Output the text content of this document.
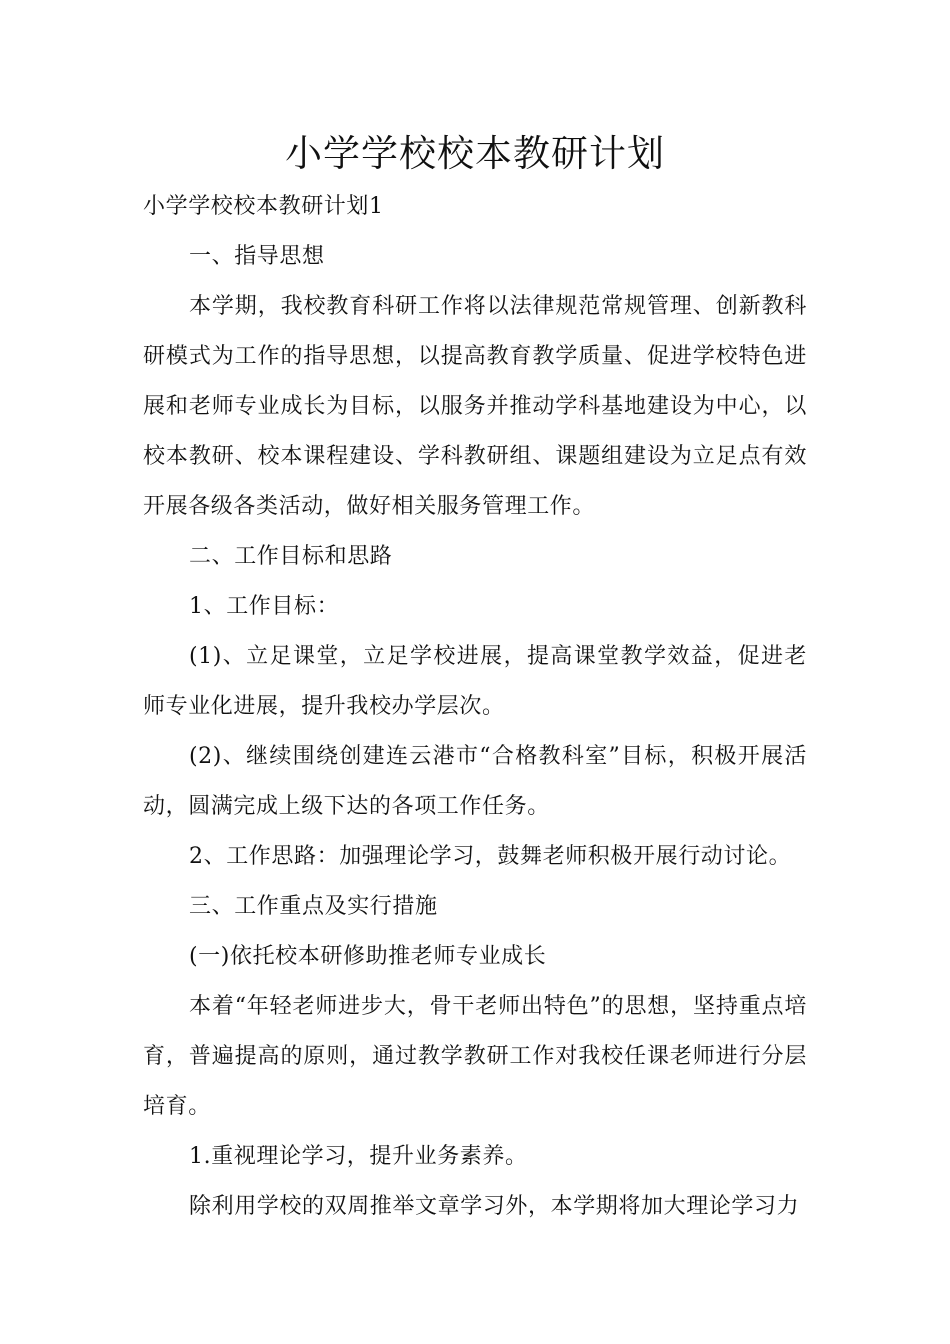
小学学校校本教研计划

小学学校校本教研计划1

一、指导思想

本学期，我校教育科研工作将以法律规范常规管理、创新教科研模式为工作的指导思想，以提高教育教学质量、促进学校特色进展和老师专业成长为目标，以服务并推动学科基地建设为中心，以校本教研、校本课程建设、学科教研组、课题组建设为立足点有效开展各级各类活动，做好相关服务管理工作。

二、工作目标和思路

1、工作目标：

(1)、立足课堂，立足学校进展，提高课堂教学效益，促进老师专业化进展，提升我校办学层次。

(2)、继续围绕创建连云港市“合格教科室”目标，积极开展活动，圆满完成上级下达的各项工作任务。

2、工作思路：加强理论学习，鼓舞老师积极开展行动讨论。

三、工作重点及实行措施

(一)依托校本研修助推老师专业成长

本着“年轻老师进步大，骨干老师出特色”的思想，坚持重点培育，普遍提高的原则，通过教学教研工作对我校任课老师进行分层培育。

1.重视理论学习，提升业务素养。

除利用学校的双周推举文章学习外，本学期将加大理论学习力
